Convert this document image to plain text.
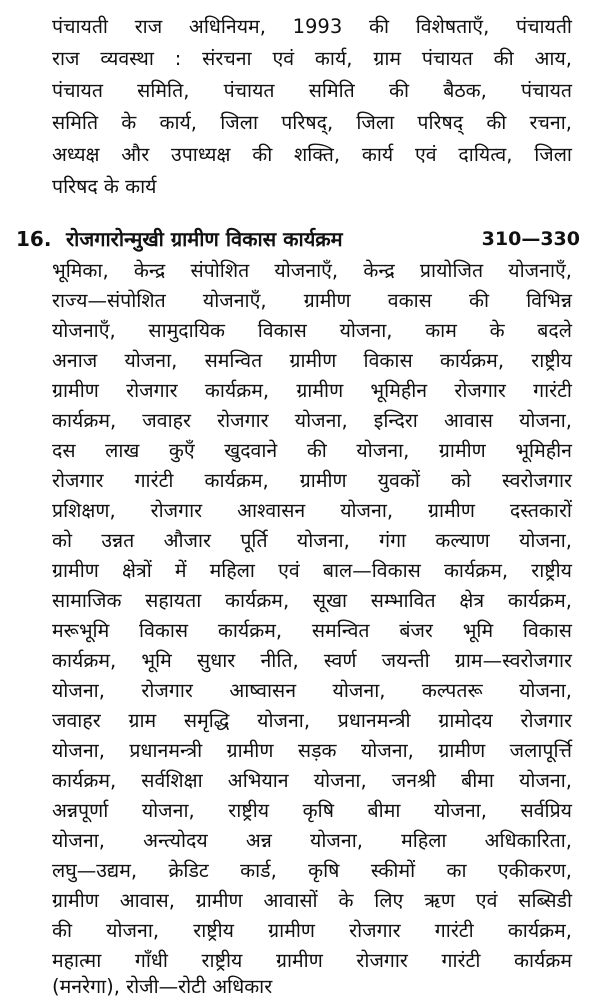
पंचायती राज अधिनियम, 1993 की विशेषताएँ, पंचायती
राज व्यवस्था : संरचना एवं कार्य, ग्राम पंचायत की आय,
पंचायत समिति, पंचायत समिति की बैठक, पंचायत
समिति के कार्य, जिला परिषद्, जिला परिषद् की रचना,
अध्यक्ष और उपाध्यक्ष की शक्ति, कार्य एवं दायित्व, जिला
परिषद के कार्य
16. रोजगारोन्मुखी ग्रामीण विकास कार्यक्रम	310—330
भूमिका, केन्द्र संपोशित योजनाएँ, केन्द्र प्रायोजित योजनाएँ,
राज्य—संपोशित योजनाएँ, ग्रामीण वकास की विभिन्न
योजनाएँ, सामुदायिक विकास योजना, काम के बदले
अनाज योजना, समन्वित ग्रामीण विकास कार्यक्रम, राष्ट्रीय
ग्रामीण रोजगार कार्यक्रम, ग्रामीण भूमिहीन रोजगार गारंटी
कार्यक्रम, जवाहर रोजगार योजना, इन्दिरा आवास योजना,
दस लाख कुएँ खुदवाने की योजना, ग्रामीण भूमिहीन
रोजगार गारंटी कार्यक्रम, ग्रामीण युवकों को स्वरोजगार
प्रशिक्षण, रोजगार आश्वासन योजना, ग्रामीण दस्तकारों
को उन्नत औजार पूर्ति योजना, गंगा कल्याण योजना,
ग्रामीण क्षेत्रों में महिला एवं बाल—विकास कार्यक्रम, राष्ट्रीय
सामाजिक सहायता कार्यक्रम, सूखा सम्भावित क्षेत्र कार्यक्रम,
मरूभूमि विकास कार्यक्रम, समन्वित बंजर भूमि विकास
कार्यक्रम, भूमि सुधार नीति, स्वर्ण जयन्ती ग्राम—स्वरोजगार
योजना, रोजगार आष्वासन योजना, कल्पतरू योजना,
जवाहर ग्राम समृद्धि योजना, प्रधानमन्त्री ग्रामोदय रोजगार
योजना, प्रधानमन्त्री ग्रामीण सड़क योजना, ग्रामीण जलापूर्त्ति
कार्यक्रम, सर्वशिक्षा अभियान योजना, जनश्री बीमा योजना,
अन्नपूर्णा योजना, राष्ट्रीय कृषि बीमा योजना, सर्वप्रिय
योजना, अन्त्योदय अन्न योजना, महिला अधिकारिता,
लघु—उद्यम, क्रेडिट कार्ड, कृषि स्कीमों का एकीकरण,
ग्रामीण आवास, ग्रामीण आवासों के लिए ऋण एवं सब्सिडी
की योजना, राष्ट्रीय ग्रामीण रोजगार गारंटी कार्यक्रम,
महात्मा गाँधी राष्ट्रीय ग्रामीण रोजगार गारंटी कार्यक्रम
(मनरेगा), रोजी—रोटी अधिकार
